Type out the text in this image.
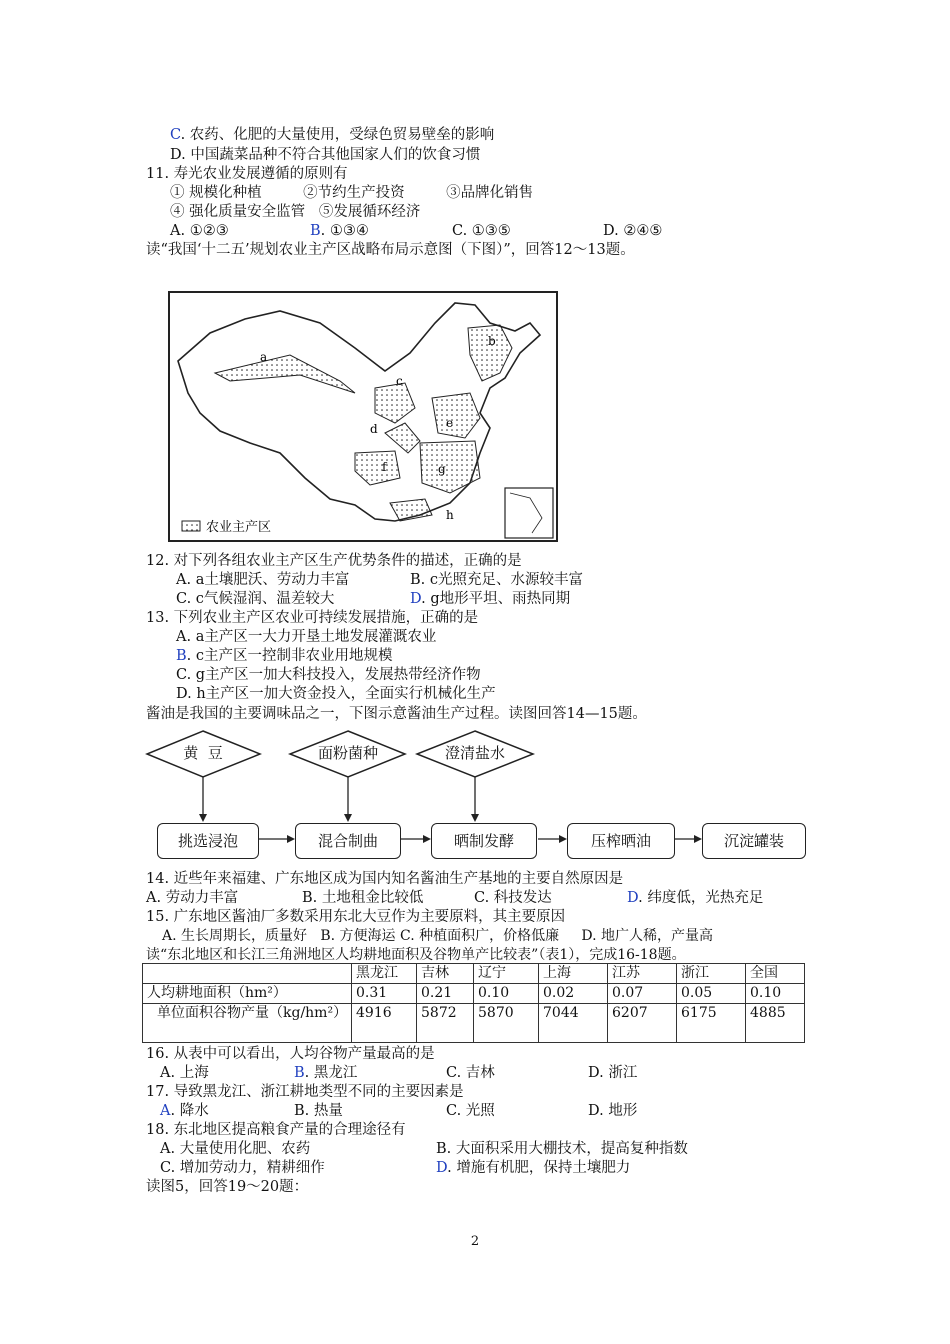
C. 农药、化肥的大量使用，受绿色贸易壁垒的影响
D. 中国蔬菜品种不符合其他国家人们的饮食习惯
11. 寿光农业发展遵循的原则有
① 规模化种植         ②节约生产投资         ③品牌化销售
④ 强化质量安全监管   ⑤发展循环经济
A. ①②③	B. ①③④	C. ①③⑤	D. ②④⑤
读“我国‘十二五’规划农业主产区战略布局示意图（下图）”，回答12～13题。
a
b
c
d	e
f	g
h
农业主产区
12. 对下列各组农业主产区生产优势条件的描述，正确的是
A. a土壤肥沃、劳动力丰富	B. c光照充足、水源较丰富
C. c气候湿润、温差较大	D. g地形平坦、雨热同期
13. 下列农业主产区农业可持续发展措施，正确的是
A. a主产区一大力开垦土地发展灌溉农业
B. c主产区一控制非农业用地规模
C. g主产区一加大科技投入，发展热带经济作物
D. h主产区一加大资金投入，全面实行机械化生产
酱油是我国的主要调味品之一，下图示意酱油生产过程。读图回答14—15题。
黄  豆	面粉菌种	澄清盐水
挑选浸泡	混合制曲	晒制发酵	压榨晒油	沉淀罐装
14. 近些年来福建、广东地区成为国内知名酱油生产基地的主要自然原因是
A. 劳动力丰富	B. 土地租金比较低	C. 科技发达	D. 纬度低，光热充足
15. 广东地区酱油厂多数采用东北大豆作为主要原料，其主要原因
A. 生长周期长，质量好   B. 方便海运 C. 种植面积广，价格低廉     D. 地广人稀，产量高
读“东北地区和长江三角洲地区人均耕地面积及谷物单产比较表”（表1），完成16-18题。
	黑龙江	吉林	辽宁	上海	江苏	浙江	全国
人均耕地面积（hm²）	0.31	0.21	0.10	0.02	0.07	0.05	0.10
单位面积谷物产量（kg/hm²）	4916	5872	5870	7044	6207	6175	4885
16. 从表中可以看出，人均谷物产量最高的是
A. 上海	B. 黑龙江	C. 吉林	D. 浙江
17. 导致黑龙江、浙江耕地类型不同的主要因素是
A. 降水	B. 热量	C. 光照	D. 地形
18. 东北地区提高粮食产量的合理途径有
A. 大量使用化肥、农药	B. 大面积采用大棚技术，提高复种指数
C. 增加劳动力，精耕细作	D. 增施有机肥，保持土壤肥力
读图5，回答19～20题：
2
